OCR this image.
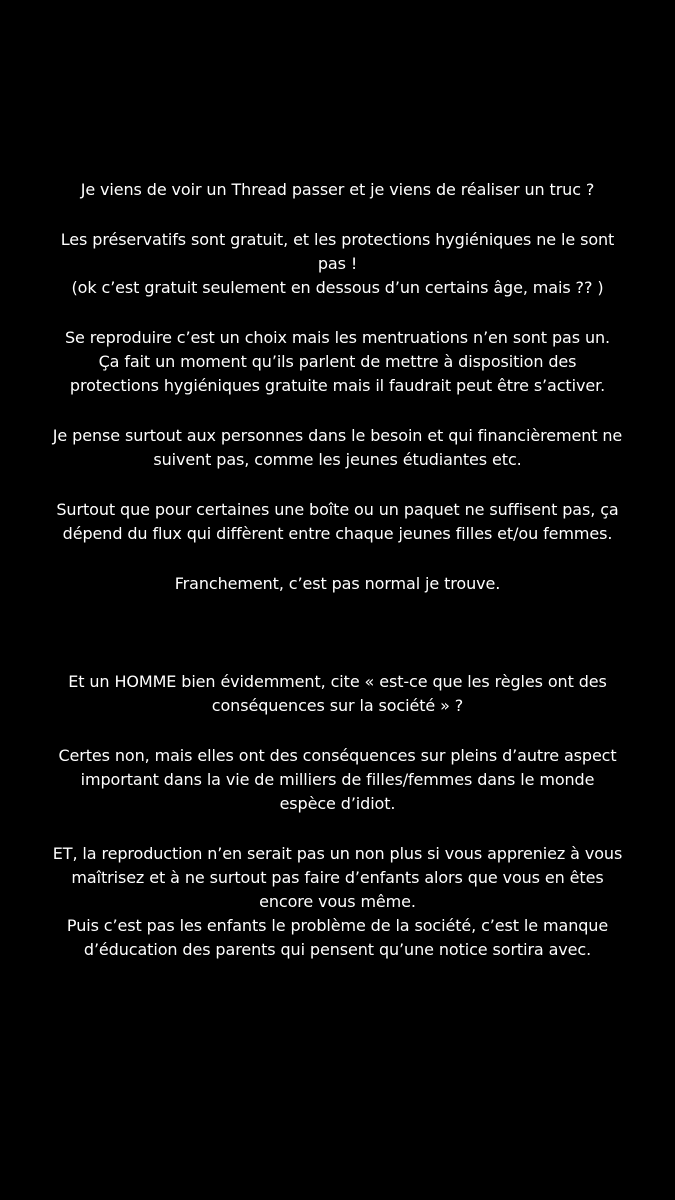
Je viens de voir un Thread passer et je viens de réaliser un truc ?
Les préservatifs sont gratuit, et les protections hygiéniques ne le sont
pas !
(ok c’est gratuit seulement en dessous d’un certains âge, mais ?? )
Se reproduire c’est un choix mais les mentruations n’en sont pas un.
Ça fait un moment qu’ils parlent de mettre à disposition des
protections hygiéniques gratuite mais il faudrait peut être s’activer.
Je pense surtout aux personnes dans le besoin et qui financièrement ne
suivent pas, comme les jeunes étudiantes etc.
Surtout que pour certaines une boîte ou un paquet ne suffisent pas, ça
dépend du flux qui diffèrent entre chaque jeunes filles et/ou femmes.
Franchement, c’est pas normal je trouve.
Et un HOMME bien évidemment, cite « est-ce que les règles ont des
conséquences sur la société » ?
Certes non, mais elles ont des conséquences sur pleins d’autre aspect
important dans la vie de milliers de filles/femmes dans le monde
espèce d’idiot.
ET, la reproduction n’en serait pas un non plus si vous appreniez à vous
maîtrisez et à ne surtout pas faire d’enfants alors que vous en êtes
encore vous même.
Puis c’est pas les enfants le problème de la société, c’est le manque
d’éducation des parents qui pensent qu’une notice sortira avec.
